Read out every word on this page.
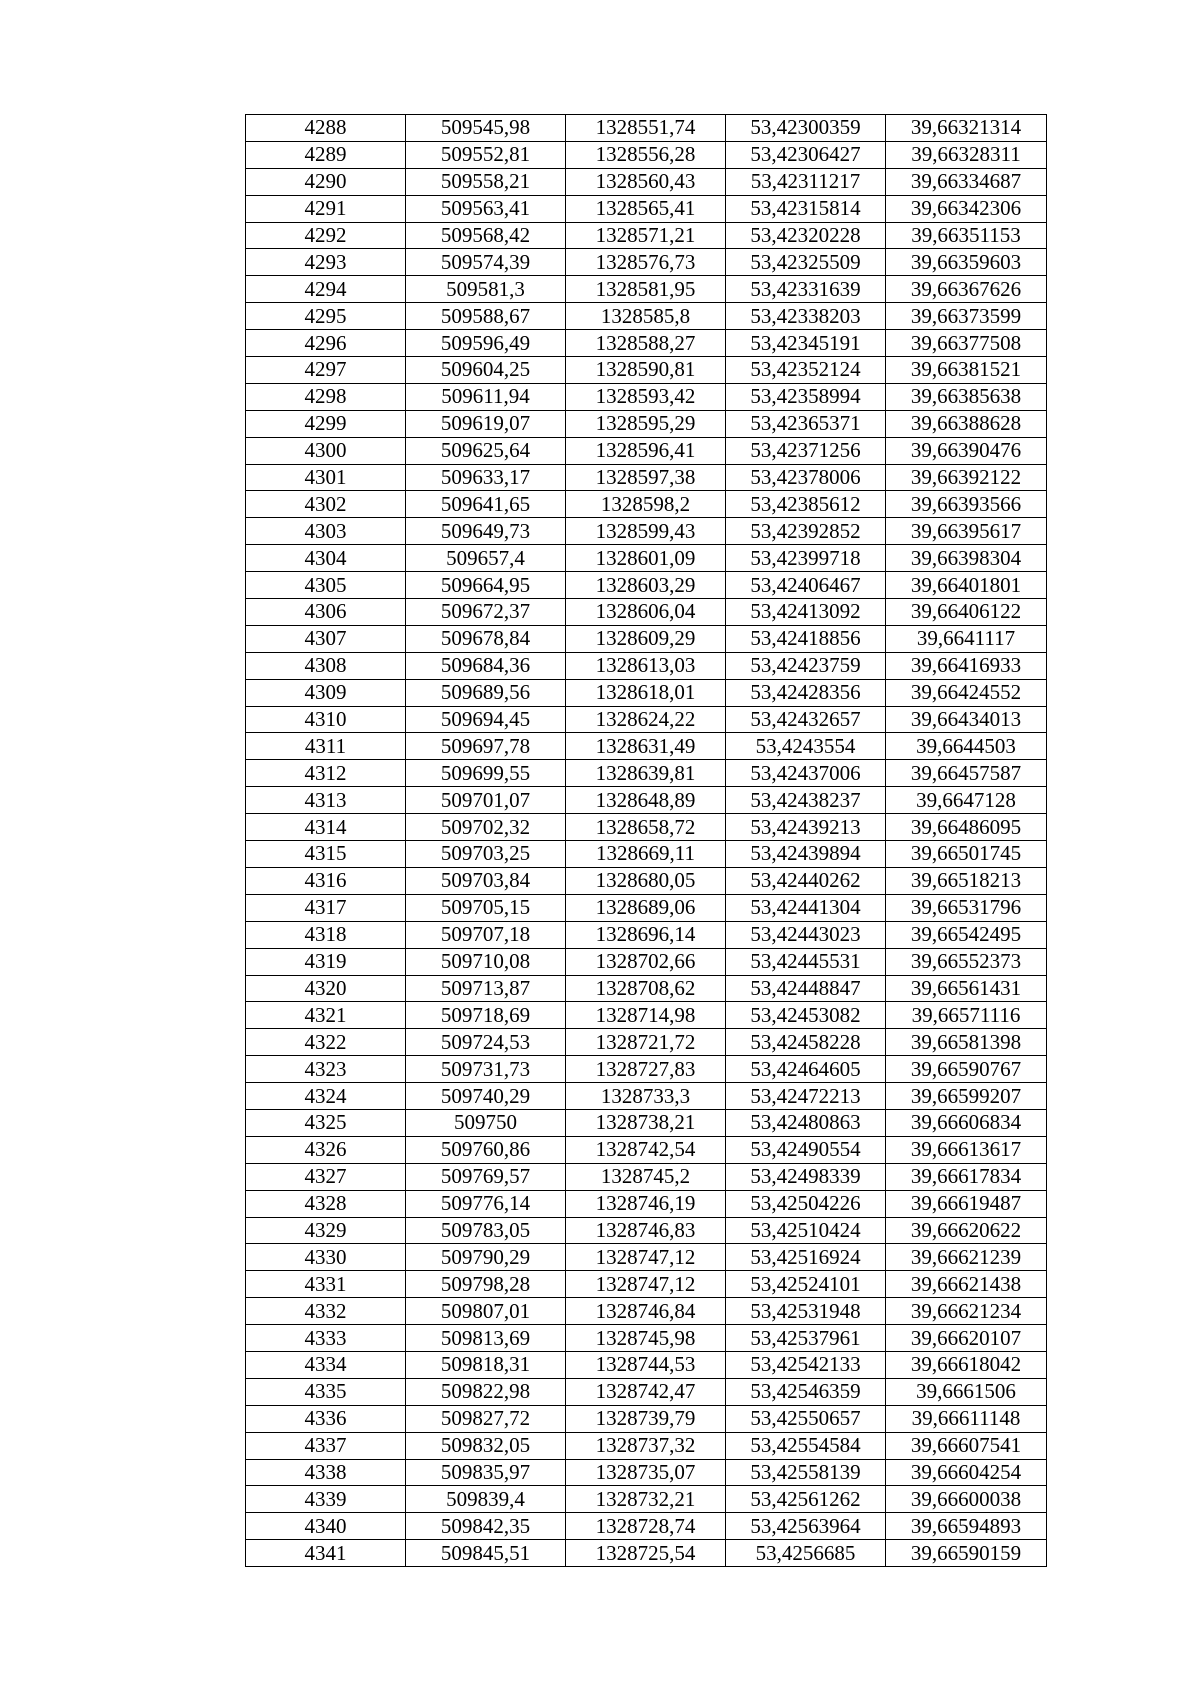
4288	509545,98	1328551,74	53,42300359	39,66321314
4289	509552,81	1328556,28	53,42306427	39,66328311
4290	509558,21	1328560,43	53,42311217	39,66334687
4291	509563,41	1328565,41	53,42315814	39,66342306
4292	509568,42	1328571,21	53,42320228	39,66351153
4293	509574,39	1328576,73	53,42325509	39,66359603
4294	509581,3	1328581,95	53,42331639	39,66367626
4295	509588,67	1328585,8	53,42338203	39,66373599
4296	509596,49	1328588,27	53,42345191	39,66377508
4297	509604,25	1328590,81	53,42352124	39,66381521
4298	509611,94	1328593,42	53,42358994	39,66385638
4299	509619,07	1328595,29	53,42365371	39,66388628
4300	509625,64	1328596,41	53,42371256	39,66390476
4301	509633,17	1328597,38	53,42378006	39,66392122
4302	509641,65	1328598,2	53,42385612	39,66393566
4303	509649,73	1328599,43	53,42392852	39,66395617
4304	509657,4	1328601,09	53,42399718	39,66398304
4305	509664,95	1328603,29	53,42406467	39,66401801
4306	509672,37	1328606,04	53,42413092	39,66406122
4307	509678,84	1328609,29	53,42418856	39,6641117
4308	509684,36	1328613,03	53,42423759	39,66416933
4309	509689,56	1328618,01	53,42428356	39,66424552
4310	509694,45	1328624,22	53,42432657	39,66434013
4311	509697,78	1328631,49	53,4243554	39,6644503
4312	509699,55	1328639,81	53,42437006	39,66457587
4313	509701,07	1328648,89	53,42438237	39,6647128
4314	509702,32	1328658,72	53,42439213	39,66486095
4315	509703,25	1328669,11	53,42439894	39,66501745
4316	509703,84	1328680,05	53,42440262	39,66518213
4317	509705,15	1328689,06	53,42441304	39,66531796
4318	509707,18	1328696,14	53,42443023	39,66542495
4319	509710,08	1328702,66	53,42445531	39,66552373
4320	509713,87	1328708,62	53,42448847	39,66561431
4321	509718,69	1328714,98	53,42453082	39,66571116
4322	509724,53	1328721,72	53,42458228	39,66581398
4323	509731,73	1328727,83	53,42464605	39,66590767
4324	509740,29	1328733,3	53,42472213	39,66599207
4325	509750	1328738,21	53,42480863	39,66606834
4326	509760,86	1328742,54	53,42490554	39,66613617
4327	509769,57	1328745,2	53,42498339	39,66617834
4328	509776,14	1328746,19	53,42504226	39,66619487
4329	509783,05	1328746,83	53,42510424	39,66620622
4330	509790,29	1328747,12	53,42516924	39,66621239
4331	509798,28	1328747,12	53,42524101	39,66621438
4332	509807,01	1328746,84	53,42531948	39,66621234
4333	509813,69	1328745,98	53,42537961	39,66620107
4334	509818,31	1328744,53	53,42542133	39,66618042
4335	509822,98	1328742,47	53,42546359	39,6661506
4336	509827,72	1328739,79	53,42550657	39,66611148
4337	509832,05	1328737,32	53,42554584	39,66607541
4338	509835,97	1328735,07	53,42558139	39,66604254
4339	509839,4	1328732,21	53,42561262	39,66600038
4340	509842,35	1328728,74	53,42563964	39,66594893
4341	509845,51	1328725,54	53,4256685	39,66590159
